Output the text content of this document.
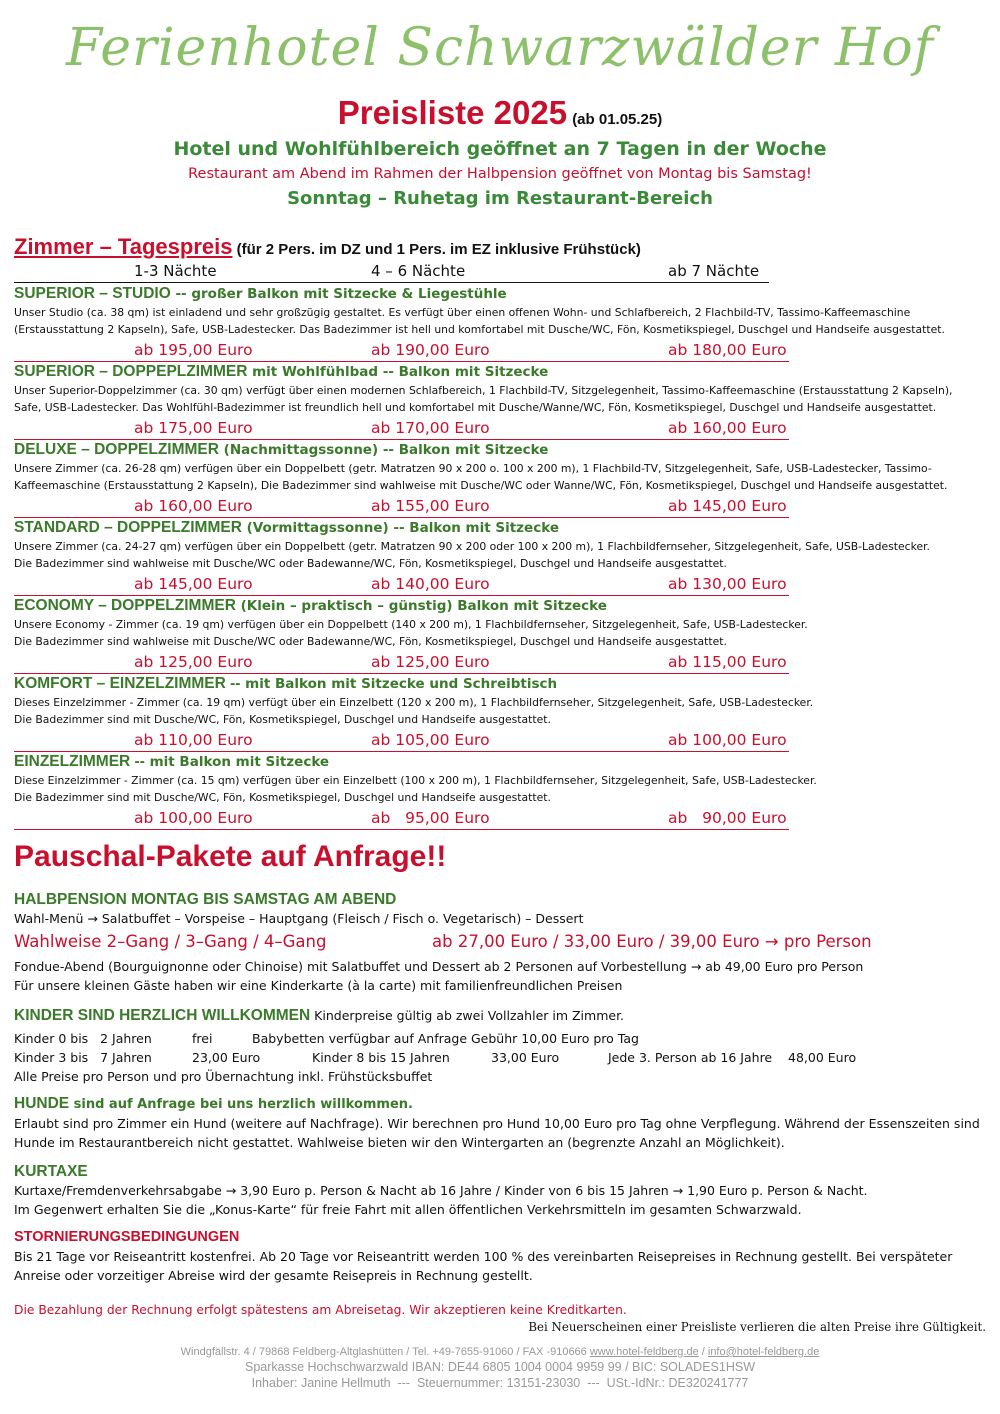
Ferienhotel Schwarzwälder Hof
Preisliste 2025 (ab 01.05.25)
Hotel und Wohlfühlbereich geöffnet an 7 Tagen in der Woche
Restaurant am Abend im Rahmen der Halbpension geöffnet von Montag bis Samstag!
Sonntag – Ruhetag im Restaurant-Bereich
Zimmer – Tagespreis (für 2 Pers. im DZ und 1 Pers. im EZ inklusive Frühstück)
1-3 Nächte	4 – 6 Nächte	ab 7 Nächte
SUPERIOR – STUDIO -- großer Balkon mit Sitzecke & Liegestühle
Unser Studio (ca. 38 qm) ist einladend und sehr großzügig gestaltet. Es verfügt über einen offenen Wohn- und Schlafbereich, 2 Flachbild-TV, Tassimo-Kaffeemaschine
(Erstausstattung 2 Kapseln), Safe, USB-Ladestecker. Das Badezimmer ist hell und komfortabel mit Dusche/WC, Fön, Kosmetikspiegel, Duschgel und Handseife ausgestattet.
ab 195,00 Euro	ab 190,00 Euro	ab 180,00 Euro
SUPERIOR – DOPPEPLZIMMER mit Wohlfühlbad -- Balkon mit Sitzecke
Unser Superior-Doppelzimmer (ca. 30 qm) verfügt über einen modernen Schlafbereich, 1 Flachbild-TV, Sitzgelegenheit, Tassimo-Kaffeemaschine (Erstausstattung 2 Kapseln),
Safe, USB-Ladestecker. Das Wohlfühl-Badezimmer ist freundlich hell und komfortabel mit Dusche/Wanne/WC, Fön, Kosmetikspiegel, Duschgel und Handseife ausgestattet.
ab 175,00 Euro	ab 170,00 Euro	ab 160,00 Euro
DELUXE – DOPPELZIMMER (Nachmittagssonne) -- Balkon mit Sitzecke
Unsere Zimmer (ca. 26-28 qm) verfügen über ein Doppelbett (getr. Matratzen 90 x 200 o. 100 x 200 m), 1 Flachbild-TV, Sitzgelegenheit, Safe, USB-Ladestecker, Tassimo-
Kaffeemaschine (Erstausstattung 2 Kapseln), Die Badezimmer sind wahlweise mit Dusche/WC oder Wanne/WC, Fön, Kosmetikspiegel, Duschgel und Handseife ausgestattet.
ab 160,00 Euro	ab 155,00 Euro	ab 145,00 Euro
STANDARD – DOPPELZIMMER (Vormittagssonne) -- Balkon mit Sitzecke
Unsere Zimmer (ca. 24-27 qm) verfügen über ein Doppelbett (getr. Matratzen 90 x 200 oder 100 x 200 m), 1 Flachbildfernseher, Sitzgelegenheit, Safe, USB-Ladestecker.
Die Badezimmer sind wahlweise mit Dusche/WC oder Badewanne/WC, Fön, Kosmetikspiegel, Duschgel und Handseife ausgestattet.
ab 145,00 Euro	ab 140,00 Euro	ab 130,00 Euro
ECONOMY – DOPPELZIMMER (Klein – praktisch – günstig) Balkon mit Sitzecke
Unsere Economy - Zimmer (ca. 19 qm) verfügen über ein Doppelbett (140 x 200 m), 1 Flachbildfernseher, Sitzgelegenheit, Safe, USB-Ladestecker.
Die Badezimmer sind wahlweise mit Dusche/WC oder Badewanne/WC, Fön, Kosmetikspiegel, Duschgel und Handseife ausgestattet.
ab 125,00 Euro	ab 125,00 Euro	ab 115,00 Euro
KOMFORT – EINZELZIMMER -- mit Balkon mit Sitzecke und Schreibtisch
Dieses Einzelzimmer - Zimmer (ca. 19 qm) verfügt über ein Einzelbett (120 x 200 m), 1 Flachbildfernseher, Sitzgelegenheit, Safe, USB-Ladestecker.
Die Badezimmer sind mit Dusche/WC, Fön, Kosmetikspiegel, Duschgel und Handseife ausgestattet.
ab 110,00 Euro	ab 105,00 Euro	ab 100,00 Euro
EINZELZIMMER -- mit Balkon mit Sitzecke
Diese Einzelzimmer - Zimmer (ca. 15 qm) verfügen über ein Einzelbett (100 x 200 m), 1 Flachbildfernseher, Sitzgelegenheit, Safe, USB-Ladestecker.
Die Badezimmer sind mit Dusche/WC, Fön, Kosmetikspiegel, Duschgel und Handseife ausgestattet.
ab 100,00 Euro	ab   95,00 Euro	ab   90,00 Euro
Pauschal-Pakete auf Anfrage!!
HALBPENSION MONTAG BIS SAMSTAG AM ABEND
Wahl-Menü → Salatbuffet – Vorspeise – Hauptgang (Fleisch / Fisch o. Vegetarisch) – Dessert
Wahlweise 2–Gang / 3–Gang / 4–Gang	ab 27,00 Euro / 33,00 Euro / 39,00 Euro → pro Person
Fondue-Abend (Bourguignonne oder Chinoise) mit Salatbuffet und Dessert ab 2 Personen auf Vorbestellung → ab 49,00 Euro pro Person
Für unsere kleinen Gäste haben wir eine Kinderkarte (à la carte) mit familienfreundlichen Preisen
KINDER SIND HERZLICH WILLKOMMEN Kinderpreise gültig ab zwei Vollzahler im Zimmer.
Kinder 0 bis   2 Jahren	frei	Babybetten verfügbar auf Anfrage Gebühr 10,00 Euro pro Tag
Kinder 3 bis   7 Jahren	23,00 Euro	Kinder 8 bis 15 Jahren	33,00 Euro	Jede 3. Person ab 16 Jahre 48,00 Euro
Alle Preise pro Person und pro Übernachtung inkl. Frühstücksbuffet
HUNDE sind auf Anfrage bei uns herzlich willkommen.
Erlaubt sind pro Zimmer ein Hund (weitere auf Nachfrage). Wir berechnen pro Hund 10,00 Euro pro Tag ohne Verpflegung. Während der Essenszeiten sind
Hunde im Restaurantbereich nicht gestattet. Wahlweise bieten wir den Wintergarten an (begrenzte Anzahl an Möglichkeit).
KURTAXE
Kurtaxe/Fremdenverkehrsabgabe → 3,90 Euro p. Person & Nacht ab 16 Jahre / Kinder von 6 bis 15 Jahren → 1,90 Euro p. Person & Nacht.
Im Gegenwert erhalten Sie die „Konus-Karte“ für freie Fahrt mit allen öffentlichen Verkehrsmitteln im gesamten Schwarzwald.
STORNIERUNGSBEDINGUNGEN
Bis 21 Tage vor Reiseantritt kostenfrei. Ab 20 Tage vor Reiseantritt werden 100 % des vereinbarten Reisepreises in Rechnung gestellt. Bei verspäteter
Anreise oder vorzeitiger Abreise wird der gesamte Reisepreis in Rechnung gestellt.
Die Bezahlung der Rechnung erfolgt spätestens am Abreisetag. Wir akzeptieren keine Kreditkarten.
Bei Neuerscheinen einer Preisliste verlieren die alten Preise ihre Gültigkeit.
Windgfällstr. 4 / 79868 Feldberg-Altglashütten / Tel. +49-7655-91060 / FAX -910666 www.hotel-feldberg.de / info@hotel-feldberg.de
Sparkasse Hochschwarzwald IBAN: DE44 6805 1004 0004 9959 99 / BIC: SOLADES1HSW
Inhaber: Janine Hellmuth  ---  Steuernummer: 13151-23030  ---  USt.-IdNr.: DE320241777
